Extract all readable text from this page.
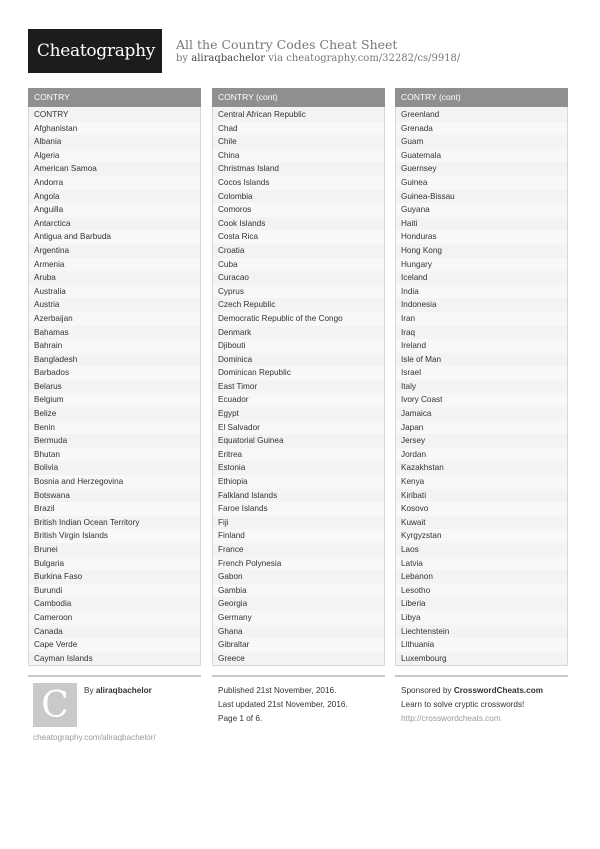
Cheatography	All the Country Codes Cheat Sheet
by aliraqbachelor via cheatography.com/32282/cs/9918/
CONTRY
CONTRY
Afghanistan
Albania
Algeria
American Samoa
Andorra
Angola
Anguilla
Antarctica
Antigua and Barbuda
Argentina
Armenia
Aruba
Australia
Austria
Azerbaijan
Bahamas
Bahrain
Bangladesh
Barbados
Belarus
Belgium
Belize
Benin
Bermuda
Bhutan
Bolivia
Bosnia and Herzegovina
Botswana
Brazil
British Indian Ocean Territory
British Virgin Islands
Brunei
Bulgaria
Burkina Faso
Burundi
Cambodia
Cameroon
Canada
Cape Verde
Cayman Islands
CONTRY (cont)
Central African Republic
Chad
Chile
China
Christmas Island
Cocos Islands
Colombia
Comoros
Cook Islands
Costa Rica
Croatia
Cuba
Curacao
Cyprus
Czech Republic
Democratic Republic of the Congo
Denmark
Djibouti
Dominica
Dominican Republic
East Timor
Ecuador
Egypt
El Salvador
Equatorial Guinea
Eritrea
Estonia
Ethiopia
Falkland Islands
Faroe Islands
Fiji
Finland
France
French Polynesia
Gabon
Gambia
Georgia
Germany
Ghana
Gibraltar
Greece
CONTRY (cont)
Greenland
Grenada
Guam
Guatemala
Guernsey
Guinea
Guinea-Bissau
Guyana
Haiti
Honduras
Hong Kong
Hungary
Iceland
India
Indonesia
Iran
Iraq
Ireland
Isle of Man
Israel
Italy
Ivory Coast
Jamaica
Japan
Jersey
Jordan
Kazakhstan
Kenya
Kiribati
Kosovo
Kuwait
Kyrgyzstan
Laos
Latvia
Lebanon
Lesotho
Liberia
Libya
Liechtenstein
Lithuania
Luxembourg
C	By aliraqbachelor
cheatography.com/aliraqbachelor/
Published 21st November, 2016.
Last updated 21st November, 2016.
Page 1 of 6.
Sponsored by CrosswordCheats.com
Learn to solve cryptic crosswords!
http://crosswordcheats.com
